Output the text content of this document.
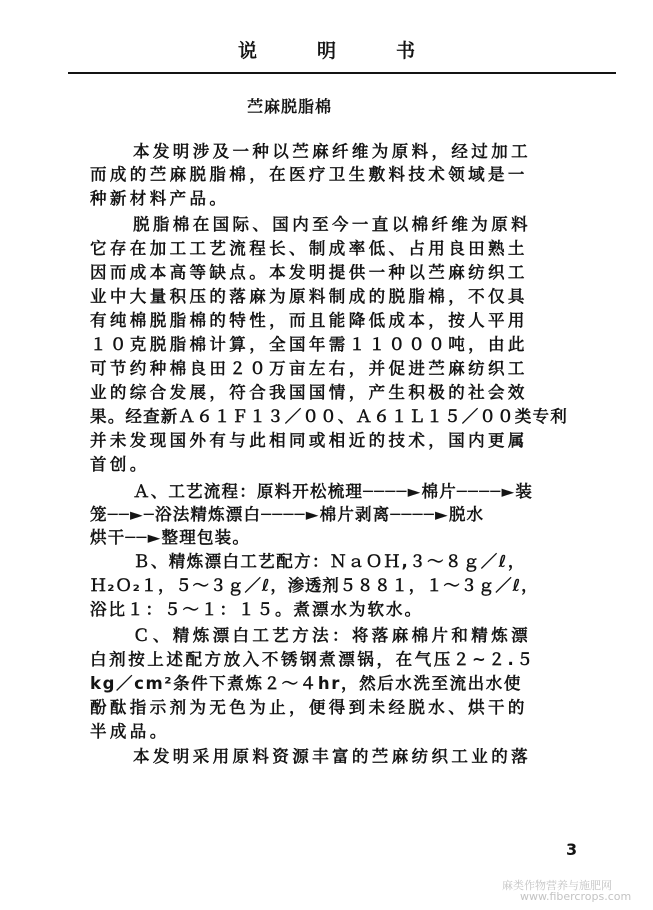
说明书
苎麻脱脂棉
本发明涉及一种以苎麻纤维为原料，经过加工
而成的苎麻脱脂棉，在医疗卫生敷料技术领域是一
种新材料产品。
脱脂棉在国际、国内至今一直以棉纤维为原料
它存在加工工艺流程长、制成率低、占用良田熟土
因而成本高等缺点。本发明提供一种以苎麻纺织工
业中大量积压的落麻为原料制成的脱脂棉，不仅具
有纯棉脱脂棉的特性，而且能降低成本，按人平用
１０克脱脂棉计算，全国年需１１０００吨，由此
可节约种棉良田２０万亩左右，并促进苎麻纺织工
业的综合发展，符合我国国情，产生积极的社会效
果。经查新Ａ６１Ｆ１３／００、Ａ６１Ｌ１５／００类专利
并未发现国外有与此相同或相近的技术，国内更属
首创。
Ａ、工艺流程：原料开松梳理────►棉片────►装
笼──►─浴法精炼漂白────►棉片剥离────►脱水
烘干──►整理包装。
Ｂ、精炼漂白工艺配方：ＮａＯＨ,３～８ｇ／ℓ，
Ｈ₂Ｏ₂１，５～３ｇ／ℓ，渗透剂５８８１，１～３ｇ／ℓ，
浴比１：５～１：１５。煮漂水为软水。
Ｃ、精炼漂白工艺方法：将落麻棉片和精炼漂
白剂按上述配方放入不锈钢煮漂锅，在气压２~２.５
kg／cm²条件下煮炼２～４hr，然后水洗至流出水使
酚酞指示剂为无色为止，便得到未经脱水、烘干的
半成品。
本发明采用原料资源丰富的苎麻纺织工业的落
3
麻类作物营养与施肥网
www.fibercrops.com
